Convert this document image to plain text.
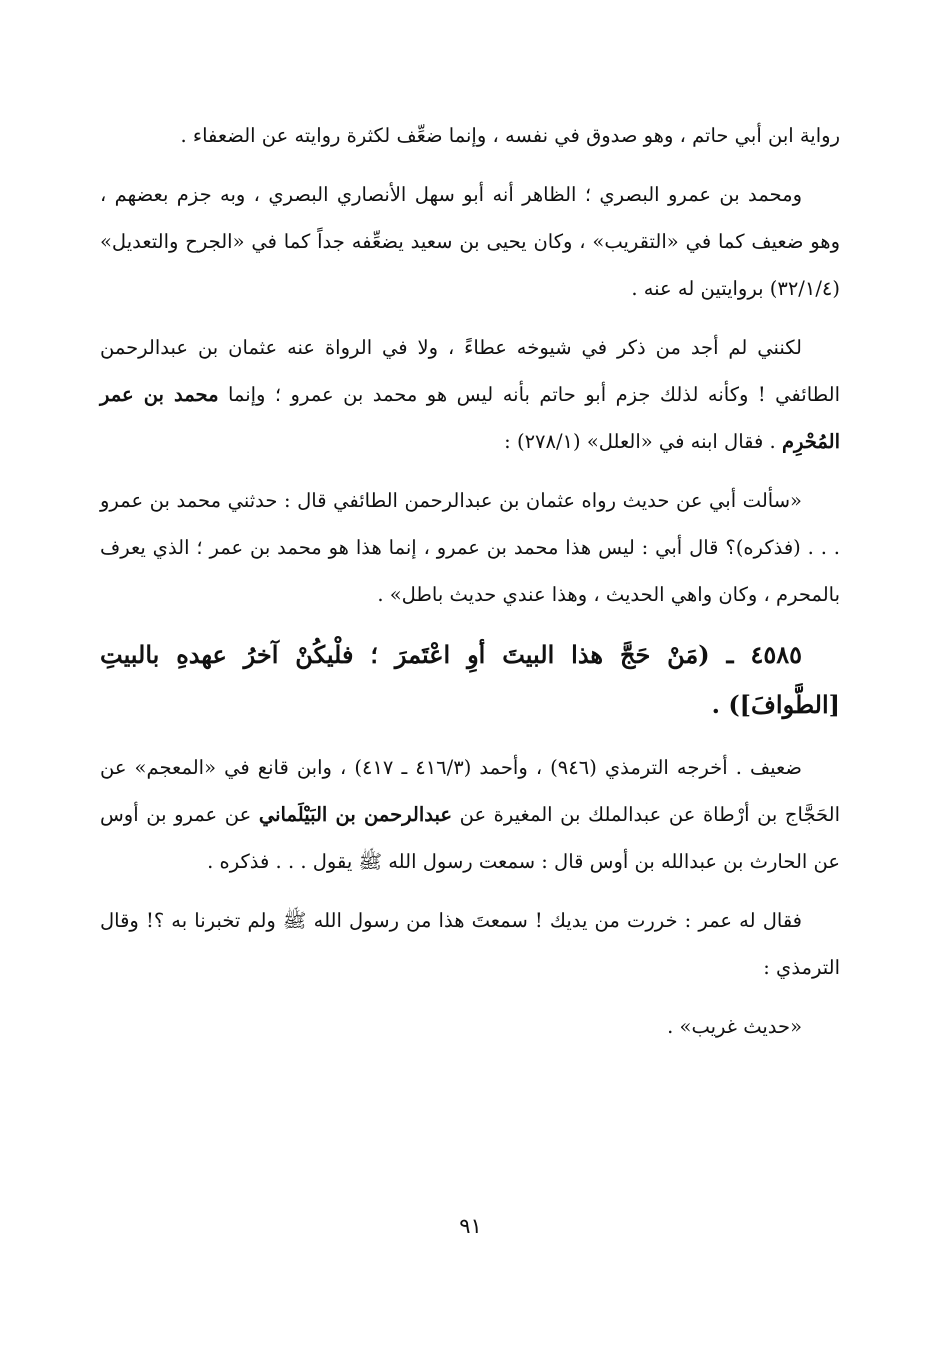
رواية ابن أبي حاتم ، وهو صدوق في نفسه ، وإنما ضعِّف لكثرة روايته عن الضعفاء .

ومحمد بن عمرو البصري ؛ الظاهر أنه أبو سهل الأنصاري البصري ، وبه جزم بعضهم ، وهو ضعيف كما في «التقريب» ، وكان يحيى بن سعيد يضعِّفه جداً كما في «الجرح والتعديل» (٣٢/١/٤) بروايتين له عنه .

لكنني لم أجد من ذكر في شيوخه عطاءً ، ولا في الرواة عنه عثمان بن عبدالرحمن الطائفي ! وكأنه لذلك جزم أبو حاتم بأنه ليس هو محمد بن عمرو ؛ وإنما محمد بن عمر المُحْرِم . فقال ابنه في «العلل» (٢٧٨/١) :

«سألت أبي عن حديث رواه عثمان بن عبدالرحمن الطائفي قال : حدثني محمد بن عمرو . . . (فذكره)؟ قال أبي : ليس هذا محمد بن عمرو ، إنما هذا هو محمد بن عمر ؛ الذي يعرف بالمحرم ، وكان واهي الحديث ، وهذا عندي حديث باطل» .

٤٥٨٥ ـ (مَنْ حَجَّ هذا البيتَ أوِ اعْتَمرَ ؛ فلْيكُنْ آخرُ عهدهِ بالبيتِ [الطَّوافَ]) .

ضعيف . أخرجه الترمذي (٩٤٦) ، وأحمد (٤١٦/٣ ـ ٤١٧) ، وابن قانع في «المعجم» عن الحَجَّاج بن أرْطاة عن عبدالملك بن المغيرة عن عبدالرحمن بن البَيْلَماني عن عمرو بن أوس عن الحارث بن عبدالله بن أوس قال : سمعت رسول الله ﷺ يقول . . . فذكره .

فقال له عمر : خررت من يديك ! سمعتَ هذا من رسول الله ﷺ ولم تخبرنا به ؟! وقال الترمذي :

«حديث غريب» .

٩١
